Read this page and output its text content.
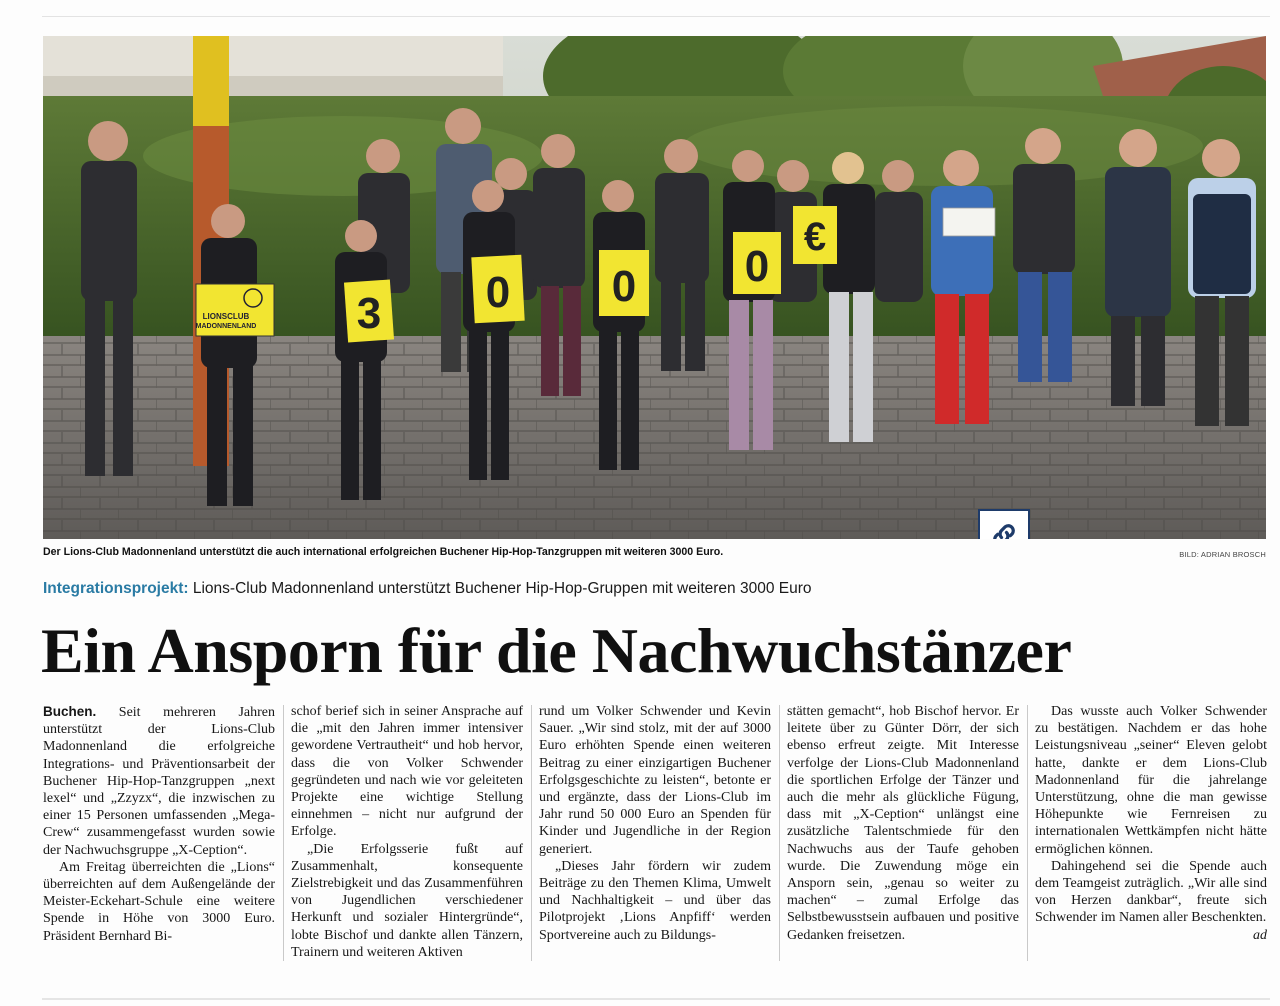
LIONSCLUB
MADONNENLAND 3 0 0 0
€
Der Lions-Club Madonnenland unterstützt die auch international erfolgreichen Buchener Hip-Hop-Tanzgruppen mit weiteren 3000 Euro.	BILD: ADRIAN BROSCH
Integrationsprojekt: Lions-Club Madonnenland unterstützt Buchener Hip-Hop-Gruppen mit weiteren 3000 Euro
Ein Ansporn für die Nachwuchstänzer

Buchen. Seit mehreren Jahren unterstützt der Lions-Club Madonnenland die erfolgreiche Integrations- und Präventionsarbeit der Buchener Hip-Hop-Tanzgruppen „next lexel“ und „Zzyzx“, die inzwischen zu einer 15 Personen umfassenden „Mega-Crew“ zusammengefasst wurden sowie der Nachwuchsgruppe „X-Ception“.

Am Freitag überreichten die „Lions“ überreichten auf dem Außengelände der Meister-Eckehart-Schule eine weitere Spende in Höhe von 3000 Euro. Präsident Bernhard Bi-

schof berief sich in seiner Ansprache auf die „mit den Jahren immer intensiver gewordene Vertrautheit“ und hob hervor, dass die von Volker Schwender gegründeten und nach wie vor geleiteten Projekte eine wichtige Stellung einnehmen – nicht nur aufgrund der Erfolge.

„Die Erfolgsserie fußt auf Zusammenhalt, konsequente Zielstrebigkeit und das Zusammenführen von Jugendlichen verschiedener Herkunft und sozialer Hintergründe“, lobte Bischof und dankte allen Tänzern, Trainern und weiteren Aktiven

rund um Volker Schwender und Kevin Sauer. „Wir sind stolz, mit der auf 3000 Euro erhöhten Spende einen weiteren Beitrag zu einer einzigartigen Buchener Erfolgsgeschichte zu leisten“, betonte er und ergänzte, dass der Lions-Club im Jahr rund 50 000 Euro an Spenden für Kinder und Jugendliche in der Region generiert.

„Dieses Jahr fördern wir zudem Beiträge zu den Themen Klima, Umwelt und Nachhaltigkeit – und über das Pilotprojekt ‚Lions Anpfiff‘ werden Sportvereine auch zu Bildungs-

stätten gemacht“, hob Bischof hervor. Er leitete über zu Günter Dörr, der sich ebenso erfreut zeigte. Mit Interesse verfolge der Lions-Club Madonnenland die sportlichen Erfolge der Tänzer und auch die mehr als glückliche Fügung, dass mit „X-Ception“ unlängst eine zusätzliche Talentschmiede für den Nachwuchs aus der Taufe gehoben wurde. Die Zuwendung möge ein Ansporn sein, „genau so weiter zu machen“ – zumal Erfolge das Selbstbewusstsein aufbauen und positive Gedanken freisetzen.

Das wusste auch Volker Schwender zu bestätigen. Nachdem er das hohe Leistungsniveau „seiner“ Eleven gelobt hatte, dankte er dem Lions-Club Madonnenland für die jahrelange Unterstützung, ohne die man gewisse Höhepunkte wie Fernreisen zu internationalen Wettkämpfen nicht hätte ermöglichen können.

Dahingehend sei die Spende auch dem Teamgeist zuträglich. „Wir alle sind von Herzen dankbar“, freute sich Schwender im Namen aller Beschenkten.
ad
